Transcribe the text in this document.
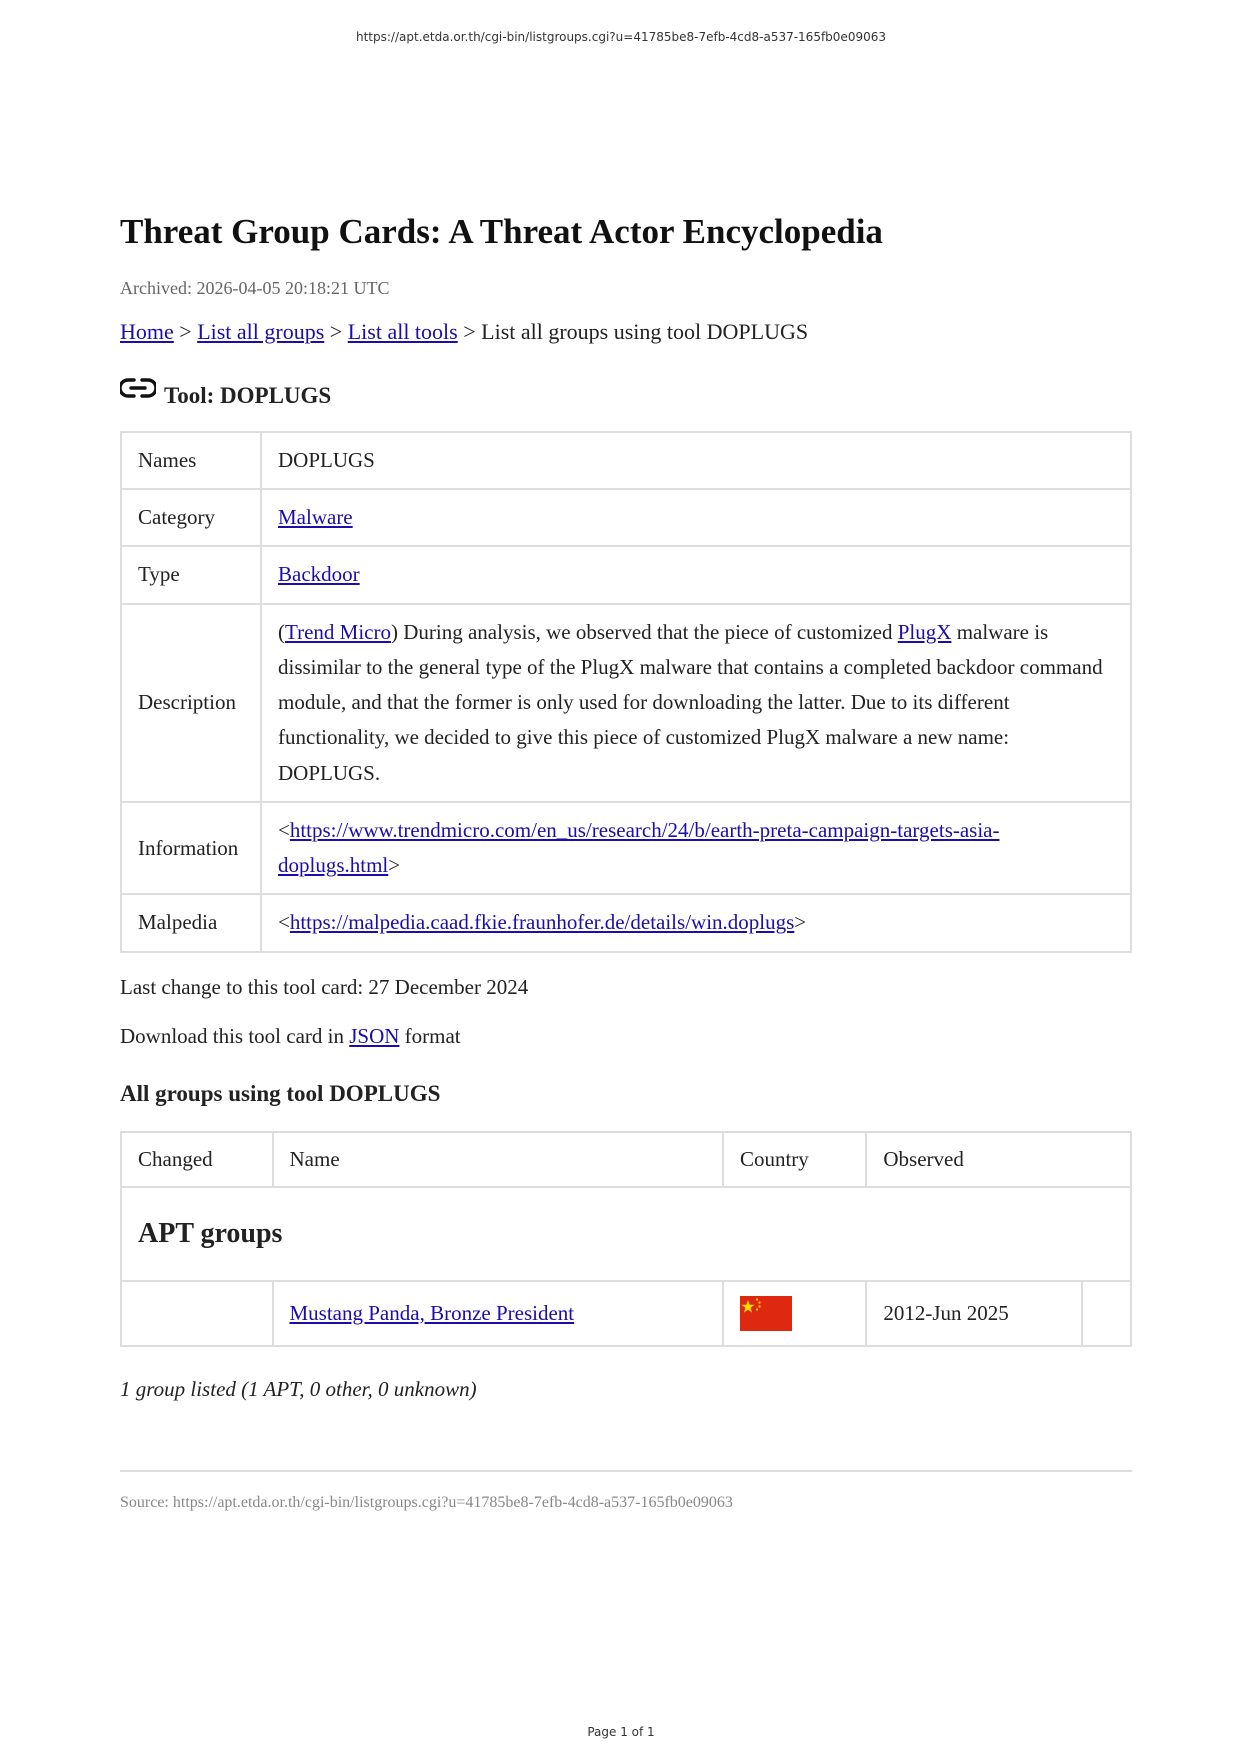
https://apt.etda.or.th/cgi-bin/listgroups.cgi?u=41785be8-7efb-4cd8-a537-165fb0e09063
Threat Group Cards: A Threat Actor Encyclopedia
Archived: 2026-04-05 20:18:21 UTC
Home > List all groups > List all tools > List all groups using tool DOPLUGS
Tool: DOPLUGS
Names	DOPLUGS
Category	Malware
Type	Backdoor
Description	(Trend Micro) During analysis, we observed that the piece of customized PlugX malware is dissimilar to the general type of the PlugX malware that contains a completed backdoor command module, and that the former is only used for downloading the latter. Due to its different functionality, we decided to give this piece of customized PlugX malware a new name: DOPLUGS.
Information	<https://www.trendmicro.com/en_us/research/24/b/earth-preta-campaign-targets-asia-doplugs.html>
Malpedia	<https://malpedia.caad.fkie.fraunhofer.de/details/win.doplugs>
Last change to this tool card: 27 December 2024
Download this tool card in JSON format
All groups using tool DOPLUGS
Changed	Name	Country	Observed	
APT groups				
	Mustang Panda, Bronze President		2012-Jun 2025	
1 group listed (1 APT, 0 other, 0 unknown)
Source: https://apt.etda.or.th/cgi-bin/listgroups.cgi?u=41785be8-7efb-4cd8-a537-165fb0e09063
Page 1 of 1
